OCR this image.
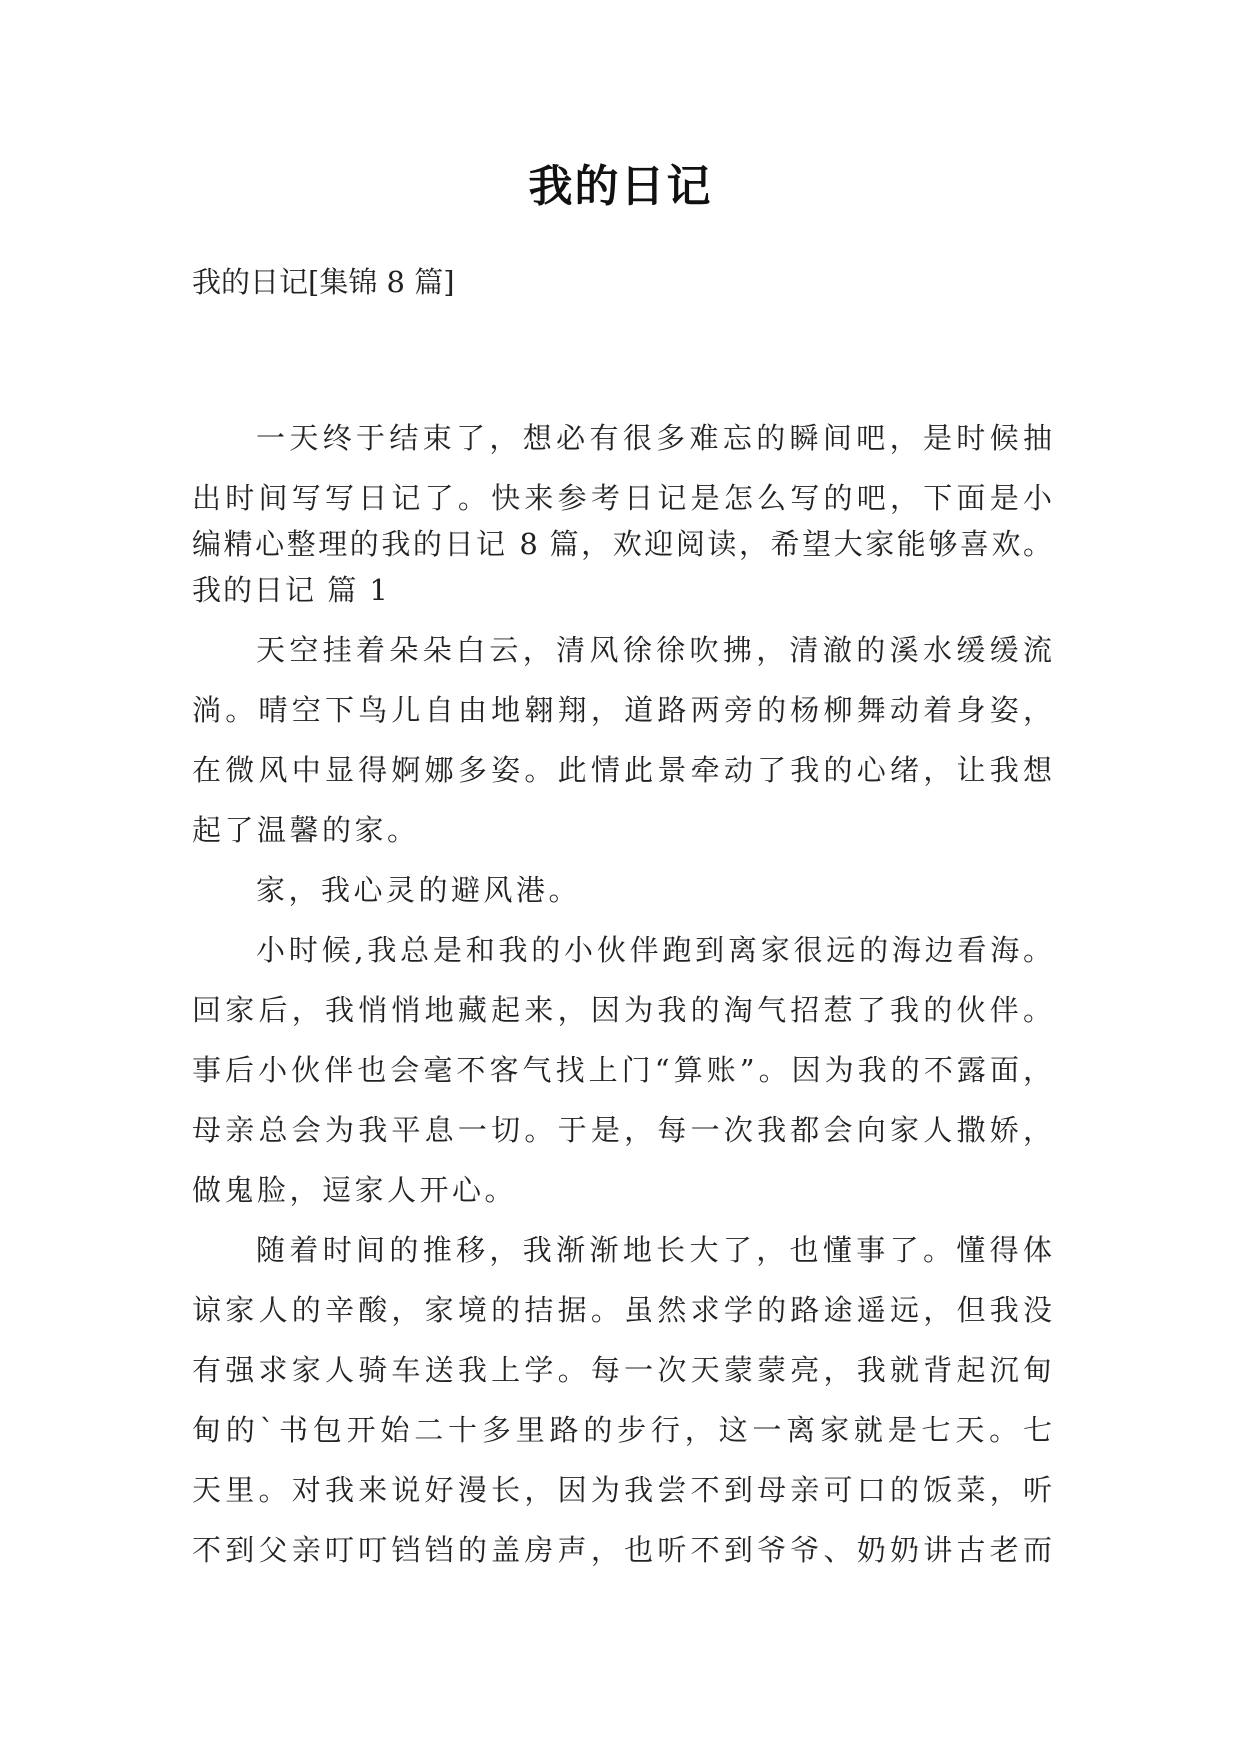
我的日记

我的日记[集锦 8 篇]

一天终于结束了，想必有很多难忘的瞬间吧，是时候抽
出时间写写日记了。快来参考日记是怎么写的吧，下面是小
编精心整理的我的日记 8 篇，欢迎阅读，希望大家能够喜欢。
我的日记 篇 1
天空挂着朵朵白云，清风徐徐吹拂，清澈的溪水缓缓流
淌。晴空下鸟儿自由地翱翔，道路两旁的杨柳舞动着身姿，
在微风中显得婀娜多姿。此情此景牵动了我的心绪，让我想
起了温馨的家。
家，我心灵的避风港。
小时候,我总是和我的小伙伴跑到离家很远的海边看海。
回家后，我悄悄地藏起来，因为我的淘气招惹了我的伙伴。
事后小伙伴也会毫不客气找上门“算账”。因为我的不露面，
母亲总会为我平息一切。于是，每一次我都会向家人撒娇，
做鬼脸，逗家人开心。
随着时间的推移，我渐渐地长大了，也懂事了。懂得体
谅家人的辛酸，家境的拮据。虽然求学的路途遥远，但我没
有强求家人骑车送我上学。每一次天蒙蒙亮，我就背起沉甸
甸的`书包开始二十多里路的步行，这一离家就是七天。七
天里。对我来说好漫长，因为我尝不到母亲可口的饭菜，听
不到父亲叮叮铛铛的盖房声，也听不到爷爷、奶奶讲古老而
